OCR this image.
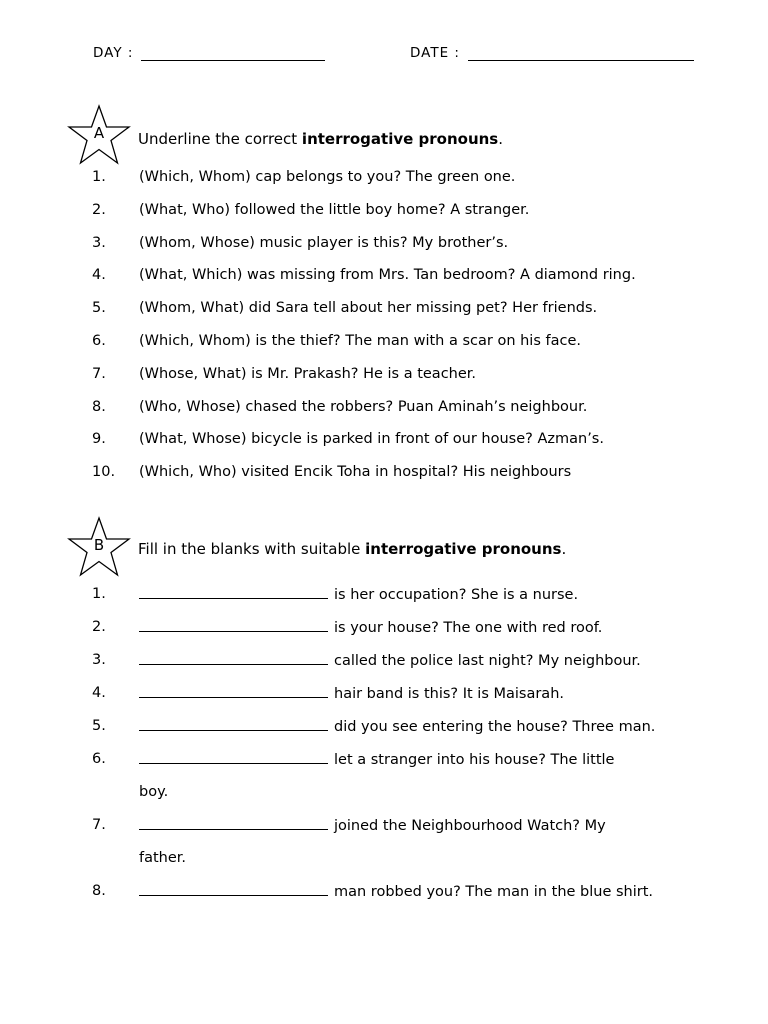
DAY :	DATE :
A	Underline the correct interrogative pronouns.
1. (Which, Whom) cap belongs to you? The green one.
2. (What, Who) followed the little boy home? A stranger.
3. (Whom, Whose) music player is this? My brother’s.
4. (What, Which) was missing from Mrs. Tan bedroom? A diamond ring.
5. (Whom, What) did Sara tell about her missing pet? Her friends.
6. (Which, Whom) is the thief? The man with a scar on his face.
7. (Whose, What) is Mr. Prakash? He is a teacher.
8. (Who, Whose) chased the robbers? Puan Aminah’s neighbour.
9. (What, Whose) bicycle is parked in front of our house? Azman’s.
10. (Which, Who) visited Encik Toha in hospital? His neighbours
B	Fill in the blanks with suitable interrogative pronouns.
1.	is her occupation? She is a nurse.
2.	is your house? The one with red roof.
3.	called the police last night? My neighbour.
4.	hair band is this? It is Maisarah.
5.	did you see entering the house? Three man.
6.	let a stranger into his house? The little
boy.
7.	joined the Neighbourhood Watch? My
father.
8.	man robbed you? The man in the blue shirt.
